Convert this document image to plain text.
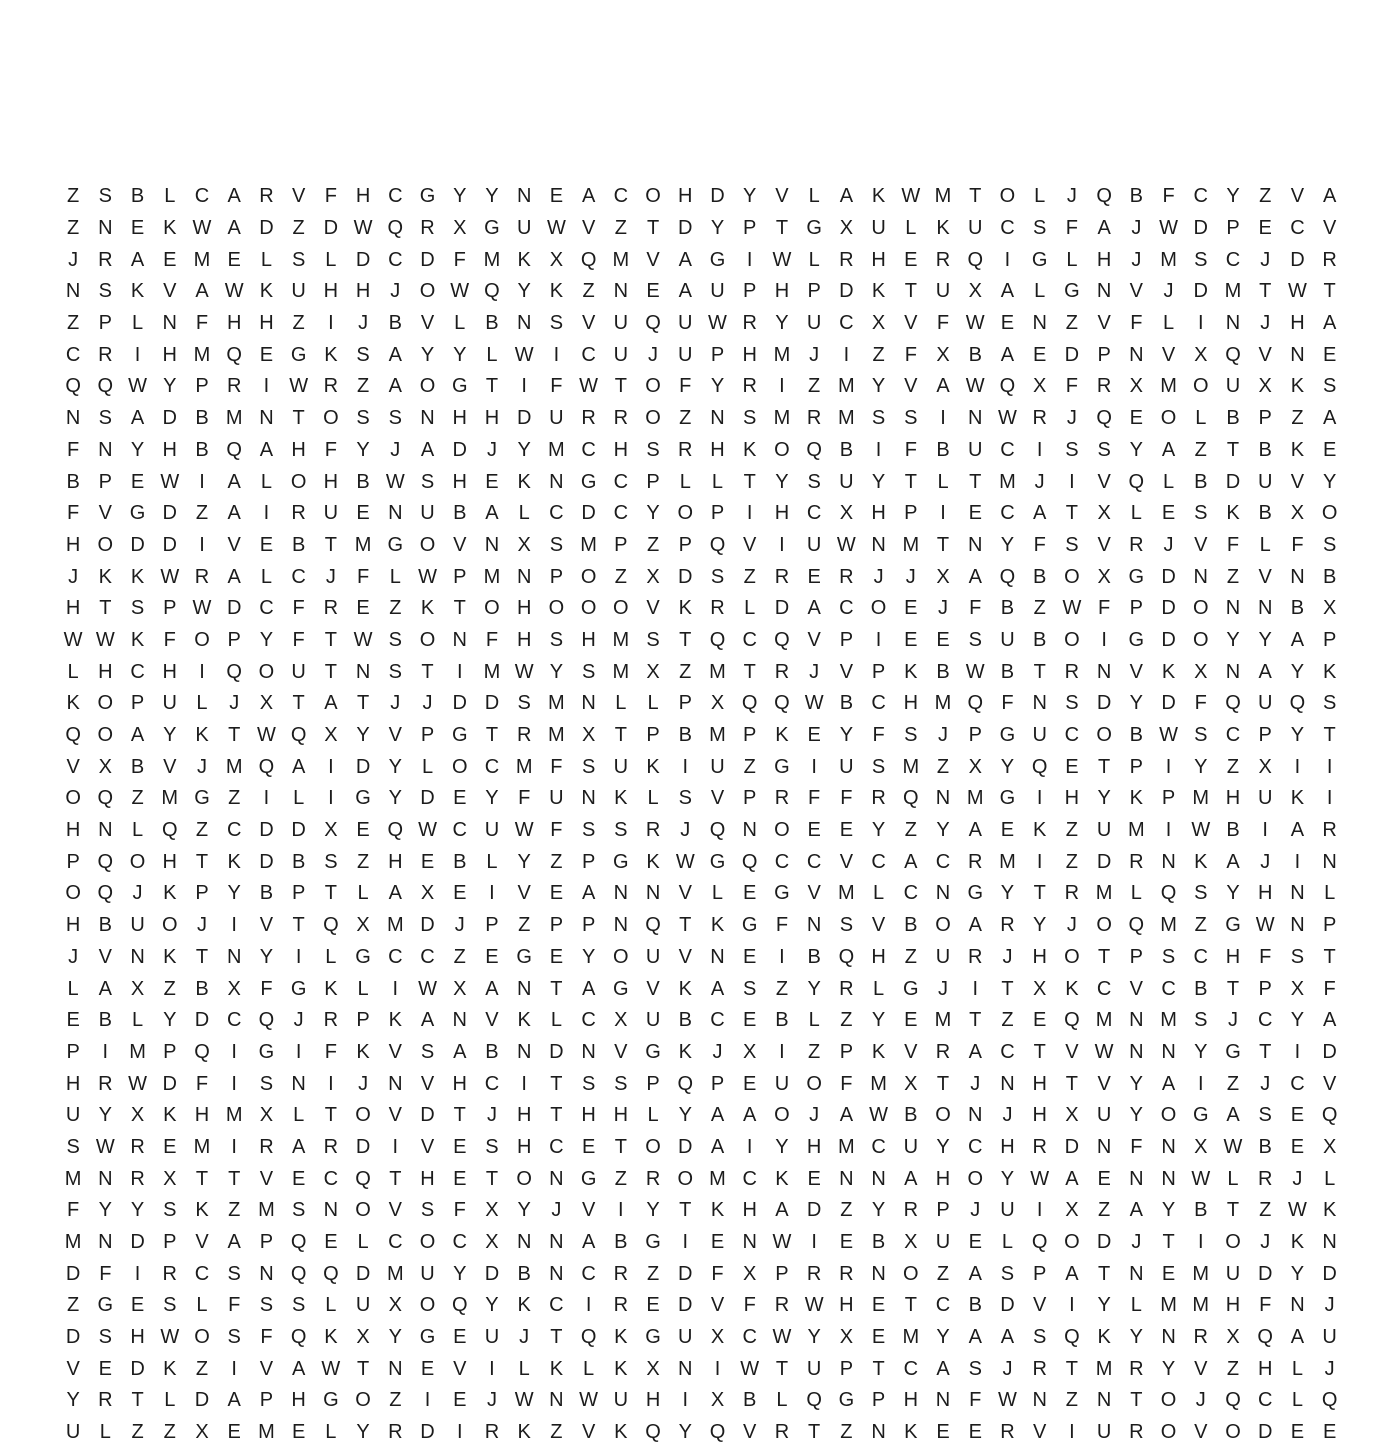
Z S B L C A R V F H C G Y Y N E A C O H D Y V L A K W M T O L	J Q B F C Y Z V A
Z N E K W A D Z D W Q R X G U W V Z	T D Y P T G X U L K U C S F A	J W D P E C V
J R A E M E L S L D C D F M K X Q M V A G	I W L R H E R Q	I	G L H	J M S C	J D R
N S K V A W K U H H	J O W Q Y K Z N E A U P H P D K T U X A L G N V	J D M T W T
Z P L N F H H Z	I	J	B V L B N S V U Q U W R Y U C X V F W E N Z V F	L	I	N	J H A
C R	I	H M Q E G K S A Y Y L W	I	C U	J U P H M J	I	Z	F X B A E D P N V X Q V N E
Q Q W Y P R	I W R Z A O G T	I	F W T O F Y R	I	Z M Y V A W Q X F R X M O U X K S
N S A D B M N T O S S N H H D U R R O Z N S M R M S S	I	N W R	J Q E O L B P Z A
F N Y H B Q A H F Y	J	A D	J	Y M C H S R H K O Q B	I	F B U C	I	S S Y A Z	T B K E
B P E W	I	A L O H B W S H E K N G C P L	L	T Y S U Y T	L	T M J	I	V Q L B D U V Y
F V G D Z A	I	R U E N U B A L C D C Y O P	I	H C X H P	I	E C A T X L E S K B X O
H O D D	I	V E B T M G O V N X S M P Z P Q V	I	U W N M T N Y F S V R	J	V F	L	F S
J	K K W R A L C	J	F	L W P M N P O Z X D S Z R E R	J	J	X A Q B O X G D N Z V N B
H T S P W D C F R E Z K T O H O O O V K R L D A C O E	J	F B Z W F P D O N N B X
W W K F O P Y F	T W S O N F H S H M S T Q C Q V P	I	E E S U B O	I	G D O Y Y A P
L H C H	I	Q O U T N S T	I	M W Y S M X Z M T R	J	V P K B W B T R N V K X N A Y K
K O P U L	J	X T A T	J	J D D S M N L	L P X Q Q W B C H M Q F N S D Y D F Q U Q S
Q O A Y K T W Q X Y V P G T R M X T P B M P K E Y F S	J	P G U C O B W S C P Y T
V X B V	J M Q A	I	D Y L O C M F S U K	I	U Z G	I	U S M Z X Y Q E T P	I	Y Z X	I	I
O Q Z M G Z	I	L	I	G Y D E Y F U N K L S V P R F	F R Q N M G	I	H Y K P M H U K	I
H N L Q Z C D D X E Q W C U W F S S R	J Q N O E E Y Z Y A E K Z U M	I W B	I	A R
P Q O H T K D B S Z H E B L Y Z P G K W G Q C C V C A C R M	I	Z D R N K A	J	I	N
O Q J	K P Y B P T	L A X E	I	V E A N N V L E G V M L C N G Y T R M L Q S Y H N L
H B U O J	I	V T Q X M D	J	P Z P P N Q T K G F N S V B O A R Y	J O Q M Z G W N P
J	V N K T N Y	I	L G C C Z E G E Y O U V N E	I	B Q H Z U R	J H O T P S C H F S T
L A X Z B X F G K L	I W X A N T A G V K A S Z Y R L G J	I	T X K C V C B T P X F
E B L Y D C Q J R P K A N V K L C X U B C E B L	Z Y E M T	Z E Q M N M S	J C Y A
P	I	M P Q	I	G	I	F K V S A B N D N V G K	J	X	I	Z P K V R A C T V W N N Y G T	I	D
H R W D F	I	S N	I	J N V H C	I	T S S P Q P E U O F M X T	J N H T V Y A	I	Z	J C V
U Y X K H M X L	T O V D T	J H T H H L Y A A O J	A W B O N	J H X U Y O G A S E Q
S W R E M	I	R A R D	I	V E S H C E T O D A	I	Y H M C U Y C H R D N F N X W B E X
M N R X T	T V E C Q T H E T O N G Z R O M C K E N N A H O Y W A E N N W L R	J	L
F Y Y S K Z M S N O V S F X Y	J	V	I	Y T K H A D Z Y R P	J U	I	X Z A Y B T	Z W K
M N D P V A P Q E L C O C X N N A B G	I	E N W	I	E B X U E L Q O D	J	T	I	O J	K N
D F	I	R C S N Q Q D M U Y D B N C R Z D F X P R R N O Z A S P A T N E M U D Y D
Z G E S L	F S S L U X O Q Y K C	I	R E D V F R W H E T C B D V	I	Y L M M H F N	J
D S H W O S F Q K X Y G E U	J	T Q K G U X C W Y X E M Y A A S Q K Y N R X Q A U
V E D K Z	I	V A W T N E V	I	L K L K X N	I W T U P T C A S	J R T M R Y V Z H L	J
Y R T	L D A P H G O Z	I	E	J W N W U H	I	X B L Q G P H N F W N Z N T O J Q C L Q
U L	Z	Z X E M E L Y R D	I	R K Z V K Q Y Q V R T	Z N K E E R V	I	U R O V O D E E
